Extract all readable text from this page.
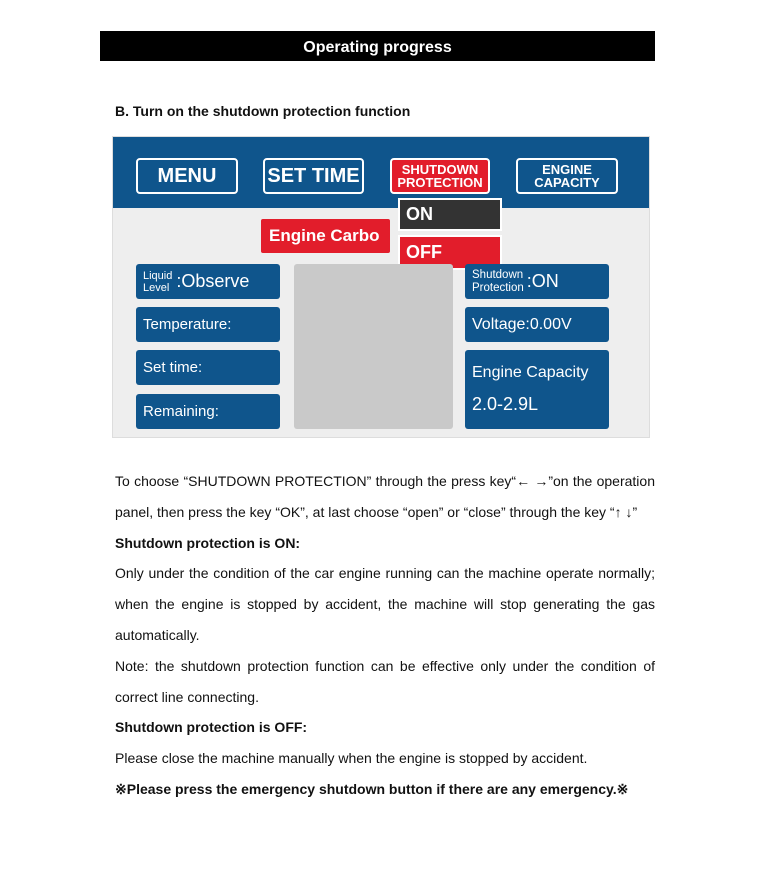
Operating progress
B. Turn on the shutdown protection function
MENU	SET TIME	SHUTDOWN
PROTECTION
ENGINE
CAPACITY
Engine Carbo
ON
OFF
Liquid
Level :Observe
Temperature:
Set time:
Remaining:
Shutdown
Protection :ON
Voltage:0.00V
Engine Capacity
2.0-2.9L

To choose “SHUTDOWN PROTECTION” through the press key“← →”on the operation panel, then press the key “OK”, at last choose “open” or “close” through the key “↑ ↓”

Shutdown protection is ON:

Only under the condition of the car engine running can the machine operate normally; when the engine is stopped by accident, the machine will stop generating the gas automatically.

Note: the shutdown protection function can be effective only under the condition of correct line connecting.

Shutdown protection is OFF:

Please close the machine manually when the engine is stopped by accident.

※Please press the emergency shutdown button if there are any emergency.※
